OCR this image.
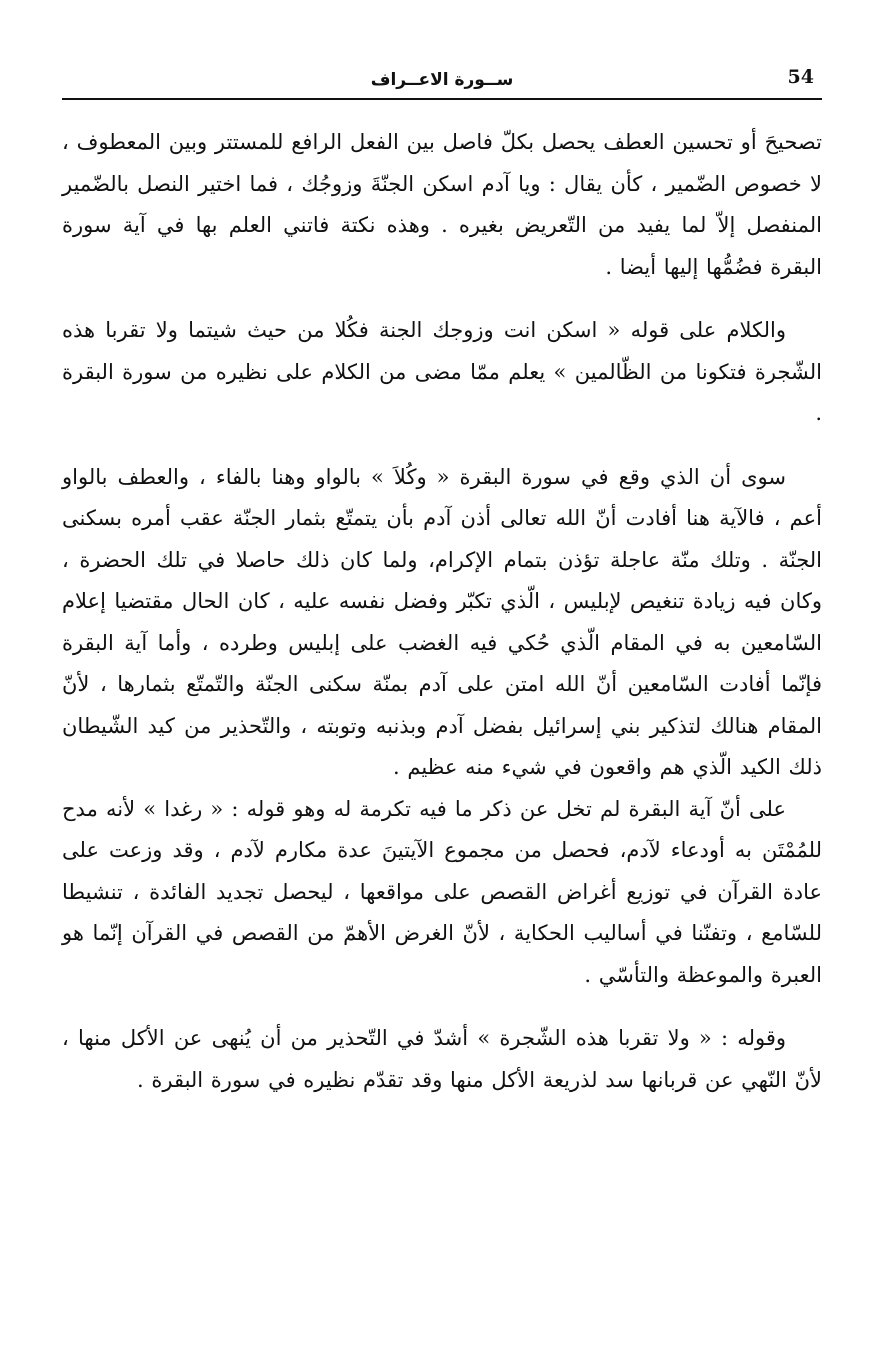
54
ســورة الاعــراف

تصحيحَ أو تحسين العطف يحصل بكلّ فاصل بين الفعل الرافع للمستتر وبين المعطوف ، لا خصوص الضّمير ، كأن يقال : ويا آدم اسكن الجنّةَ وزوجُك ، فما اختير النصل بالضّمير المنفصل إلاّ لما يفيد من التّعريض بغيره . وهذه نكتة فاتني العلم بها في آية سورة البقرة فضُمُّها إليها أيضا .

والكلام على قوله « اسكن انت وزوجك الجنة فكُلا من حيث شيتما ولا تقربا هذه الشّجرة فتكونا من الظّالمين » يعلم ممّا مضى من الكلام على نظيره من سورة البقرة .

سوى أن الذي وقع في سورة البقرة « وكُلاَ » بالواو وهنا بالفاء ، والعطف بالواو أعم ، فالآية هنا أفادت أنّ الله تعالى أذن آدم بأن يتمتّع بثمار الجنّة عقب أمره بسكنى الجنّة . وتلك منّة عاجلة تؤذن بتمام الإكرام، ولما كان ذلك حاصلا في تلك الحضرة ، وكان فيه زيادة تنغيص لإبليس ، الّذي تكبّر وفضل نفسه عليه ، كان الحال مقتضيا إعلام السّامعين به في المقام الّذي حُكي فيه الغضب على إبليس وطرده ، وأما آية البقرة فإنّما أفادت السّامعين أنّ الله امتن على آدم بمنّة سكنى الجنّة والتّمتّع بثمارها ، لأنّ المقام هنالك لتذكير بني إسرائيل بفضل آدم وبذنبه وتوبته ، والتّحذير من كيد الشّيطان ذلك الكيد الّذي هم واقعون في شيء منه عظيم .

على أنّ آية البقرة لم تخل عن ذكر ما فيه تكرمة له وهو قوله : « رغدا » لأنه مدح للمُمْتَن به أودعاء لآدم، فحصل من مجموع الآيتينَ عدة مكارم لآدم ، وقد وزعت على عادة القرآن في توزيع أغراض القصص على مواقعها ، ليحصل تجديد الفائدة ، تنشيطا للسّامع ، وتفنّنا في أساليب الحكاية ، لأنّ الغرض الأهمّ من القصص في القرآن إنّما هو العبرة والموعظة والتأسّي .

وقوله : « ولا تقربا هذه الشّجرة » أشدّ في التّحذير من أن يُنهى عن الأكل منها ، لأنّ النّهي عن قربانها سد لذريعة الأكل منها وقد تقدّم نظيره في سورة البقرة .
